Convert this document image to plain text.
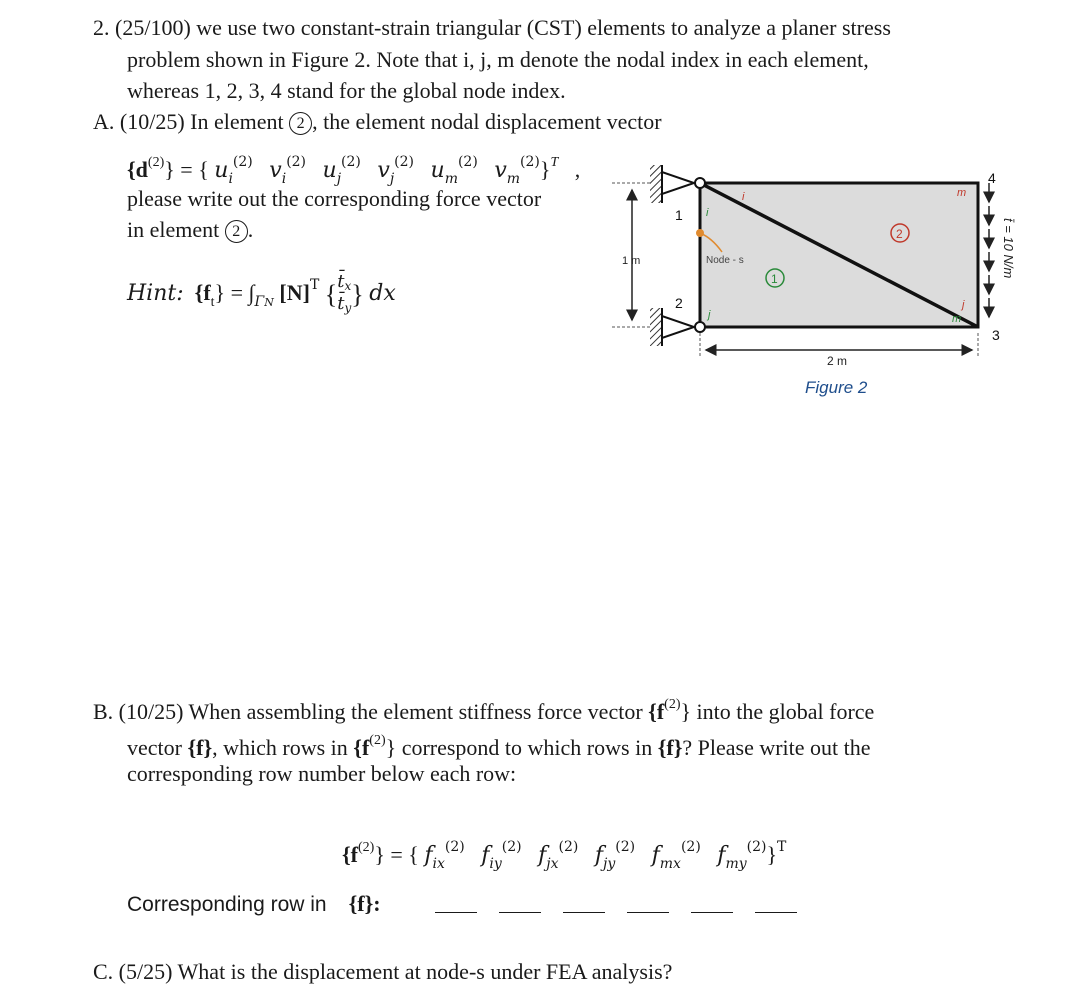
2. (25/100) we use two constant-strain triangular (CST) elements to analyze a planer stress
problem shown in Figure 2. Note that i, j, m denote the nodal index in each element,
whereas 1, 2, 3, 4 stand for the global node index.
A. (10/25) In element 2 , the element nodal displacement vector
$\{d^{(2)}\}$ = { $u_i^{(2)}$ $v_i^{(2)}$ $u_j^{(2)}$ $v_j^{(2)}$ $u_m^{(2)}$ $v_m^{(2)}\}^T$ ,
please write out the corresponding force vector
in element 2 .
Hint: $\{f_t\} = \int_{\Gamma N}$ $[N]^T$ {$t̄_x$
$t̄_y$} dx
1 m
2 m
t̄ = 10 N/m
1
2
3
4
1
2
i
i
j
j
m
m
Node - s
Figure 2
B. (10/25) When assembling the element stiffness force vector $\{f^{(2)}\}$ into the global force
vector {f}, which rows in $\{f^{(2)}\}$ correspond to which rows in {f}? Please write out the
corresponding row number below each row:
$\{f^{(2)}\}$ = { $f_{ix}^{(2)}$ $f_{iy}^{(2)}$ $f_{jx}^{(2)}$ $f_{jy}^{(2)}$ $f_{mx}^{(2)}$ $f_{my}^{(2)}\}^T$
Corresponding row in {f}:
C. (5/25) What is the displacement at node-s under FEA analysis?
